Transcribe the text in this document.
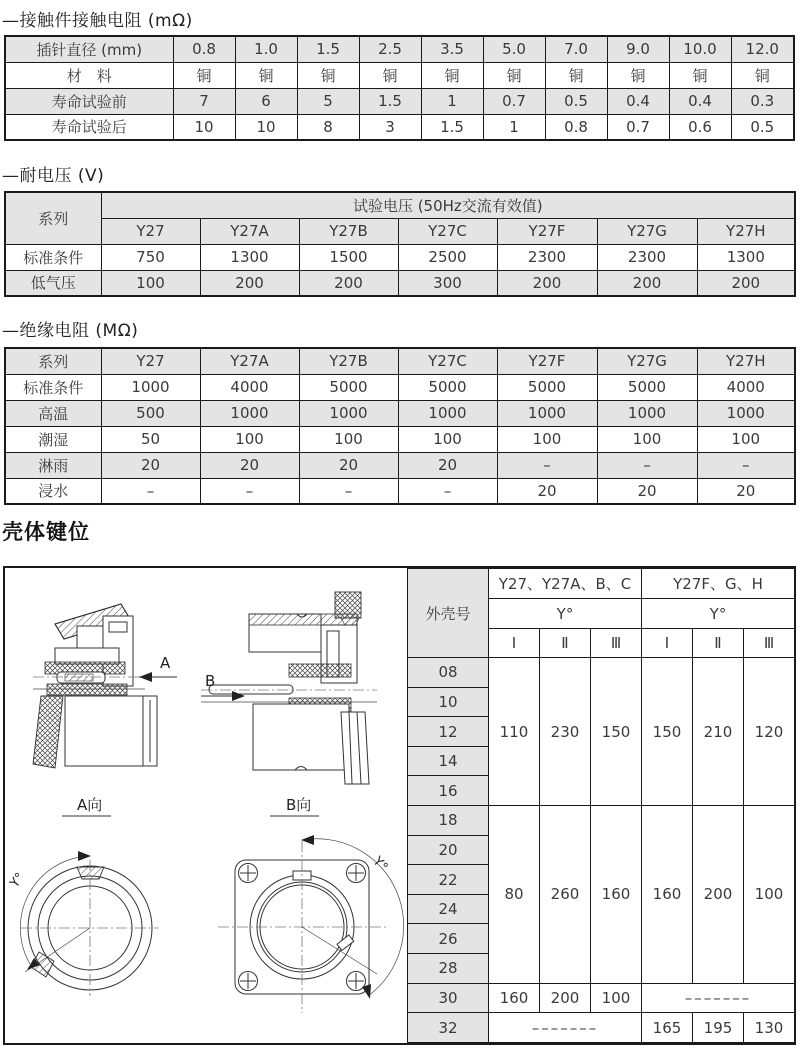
—接触件接触电阻 (mΩ)
插针直径 (mm)	0.8	1.0	1.5	2.5	3.5	5.0	7.0	9.0	10.0	12.0
材　料	铜	铜	铜	铜	铜	铜	铜	铜	铜	铜
寿命试验前	7	6	5	1.5	1	0.7	0.5	0.4	0.4	0.3
寿命试验后	10	10	8	3	1.5	1	0.8	0.7	0.6	0.5
—耐电压 (V)
系列	试验电压 (50Hz交流有效值)						
	Y27	Y27A	Y27B	Y27C	Y27F	Y27G	Y27H
标准条件	750	1300	1500	2500	2300	2300	1300
低气压	100	200	200	300	200	200	200
—绝缘电阻 (MΩ)
系列	Y27	Y27A	Y27B	Y27C	Y27F	Y27G	Y27H
标准条件	1000	4000	5000	5000	5000	5000	4000
高温	500	1000	1000	1000	1000	1000	1000
潮湿	50	100	100	100	100	100	100
淋雨	20	20	20	20	–	–	–
浸水	–	–	–	–	20	20	20
壳体键位
A
B
A向
Y°
B向
Y°
外壳号	Y27、Y27A、B、C			Y27F、G、H		
	Y°			Y°		
	Ⅰ	Ⅱ	Ⅲ	Ⅰ	Ⅱ	Ⅲ
08	110	230	150	150	210	120
10						
12						
14						
16						
18	80	260	160	160	200	100
20						
22						
24						
26						
28						
30	160	200	100	–––––––		
32	–––––––			165	195	130
